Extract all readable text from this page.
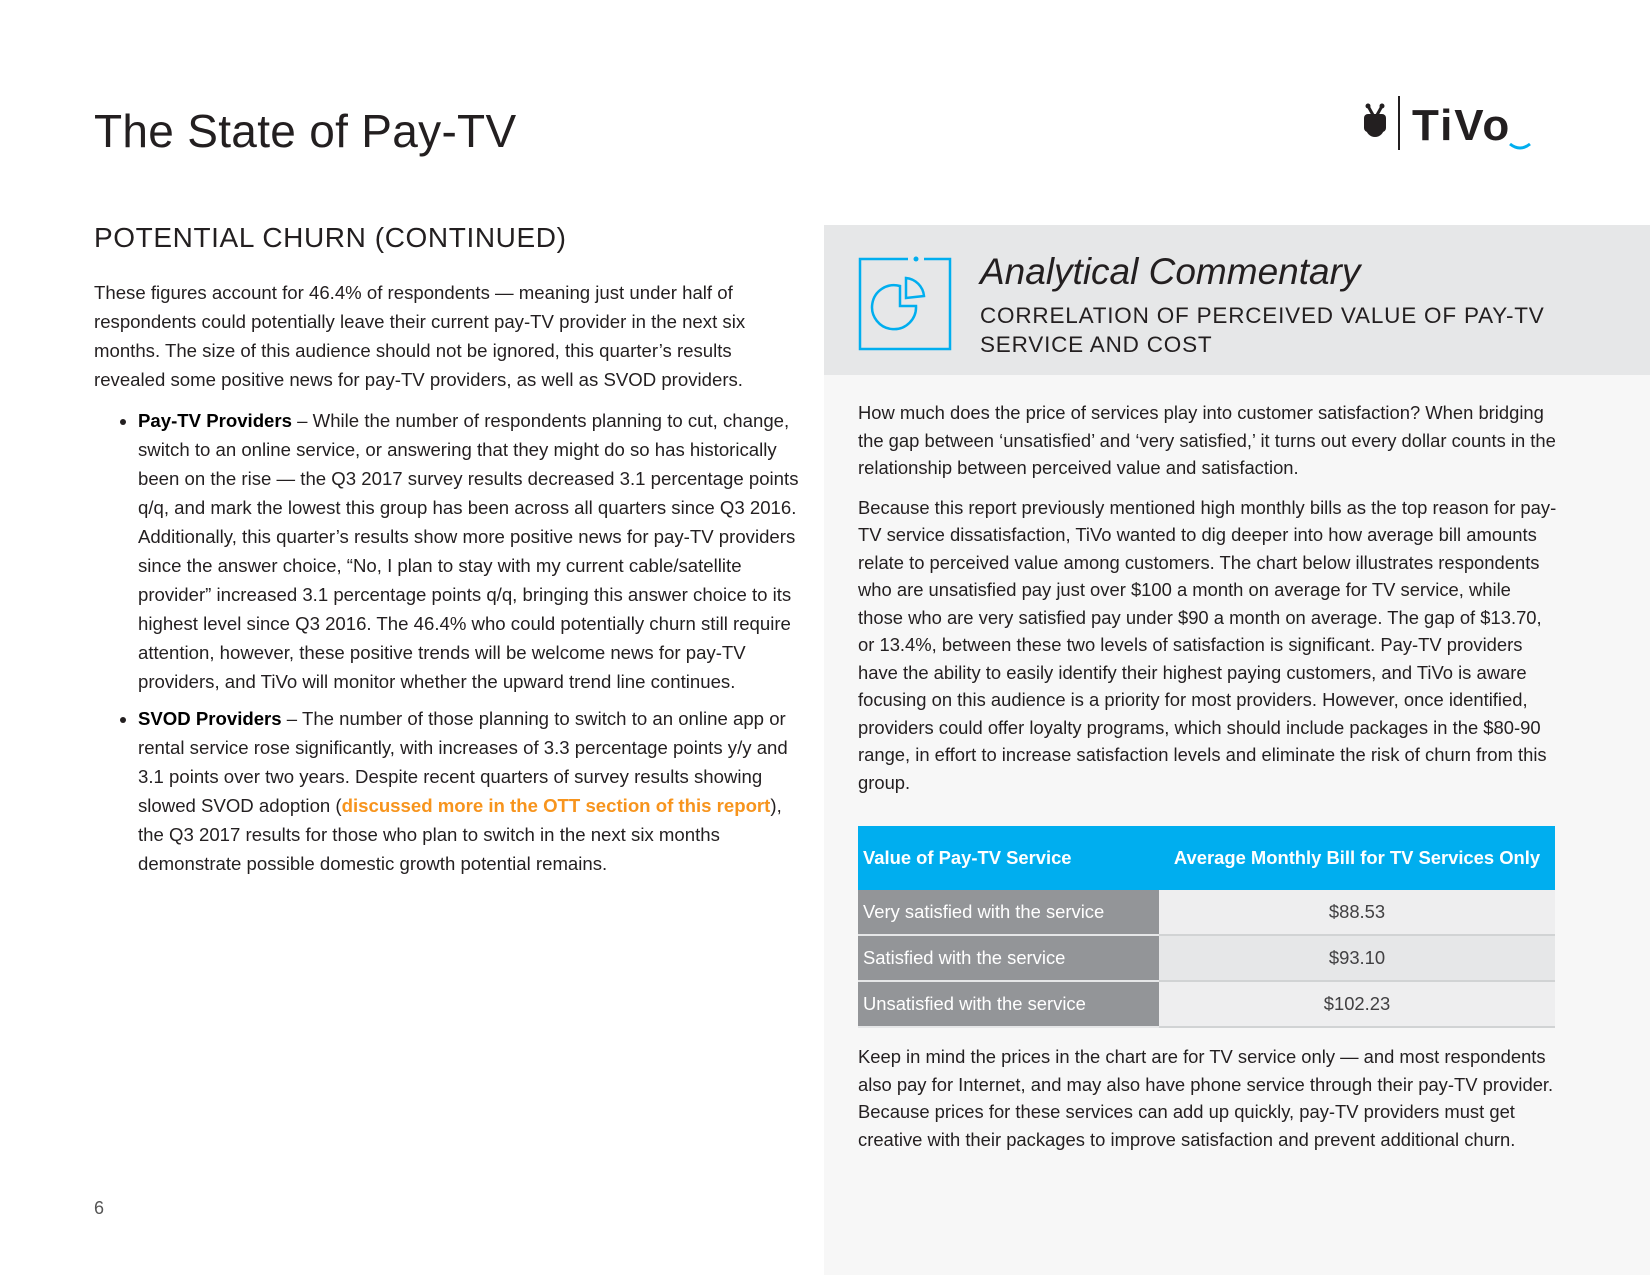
The State of Pay-TV	TiVo
POTENTIAL CHURN (CONTINUED)

These figures account for 46.4% of respondents — meaning just under half of respondents could potentially leave their current pay-TV provider in the next six months. The size of this audience should not be ignored, this quarter’s results revealed some positive news for pay-TV providers, as well as SVOD providers.

• Pay-TV Providers – While the number of respondents planning to cut, change, switch to an online service, or answering that they might do so has historically been on the rise — the Q3 2017 survey results decreased 3.1 percentage points q/q, and mark the lowest this group has been across all quarters since Q3 2016. Additionally, this quarter’s results show more positive news for pay-TV providers since the answer choice, “No, I plan to stay with my current cable/satellite provider” increased 3.1 percentage points q/q, bringing this answer choice to its highest level since Q3 2016. The 46.4% who could potentially churn still require attention, however, these positive trends will be welcome news for pay-TV providers, and TiVo will monitor whether the upward trend line continues.
• SVOD Providers – The number of those planning to switch to an online app or rental service rose significantly, with increases of 3.3 percentage points y/y and 3.1 points over two years. Despite recent quarters of survey results showing slowed SVOD adoption (discussed more in the OTT section of this report), the Q3 2017 results for those who plan to switch in the next six months demonstrate possible domestic growth potential remains.
6
Analytical Commentary
CORRELATION OF PERCEIVED VALUE OF PAY-TV SERVICE AND COST

How much does the price of services play into customer satisfaction? When bridging the gap between ‘unsatisfied’ and ‘very satisfied,’ it turns out every dollar counts in the relationship between perceived value and satisfaction.

Because this report previously mentioned high monthly bills as the top reason for pay-TV service dissatisfaction, TiVo wanted to dig deeper into how average bill amounts relate to perceived value among customers. The chart below illustrates respondents who are unsatisfied pay just over $100 a month on average for TV service, while those who are very satisfied pay under $90 a month on average. The gap of $13.70, or 13.4%, between these two levels of satisfaction is significant. Pay-TV providers have the ability to easily identify their highest paying customers, and TiVo is aware focusing on this audience is a priority for most providers. However, once identified, providers could offer loyalty programs, which should include packages in the $80-90 range, in effort to increase satisfaction levels and eliminate the risk of churn from this group.

Value of Pay-TV Service	Average Monthly Bill for TV Services Only

Very satisfied with the service	$88.53
Satisfied with the service	$93.10
Unsatisfied with the service	$102.23

Keep in mind the prices in the chart are for TV service only — and most respondents also pay for Internet, and may also have phone service through their pay-TV provider. Because prices for these services can add up quickly, pay-TV providers must get creative with their packages to improve satisfaction and prevent additional churn.
